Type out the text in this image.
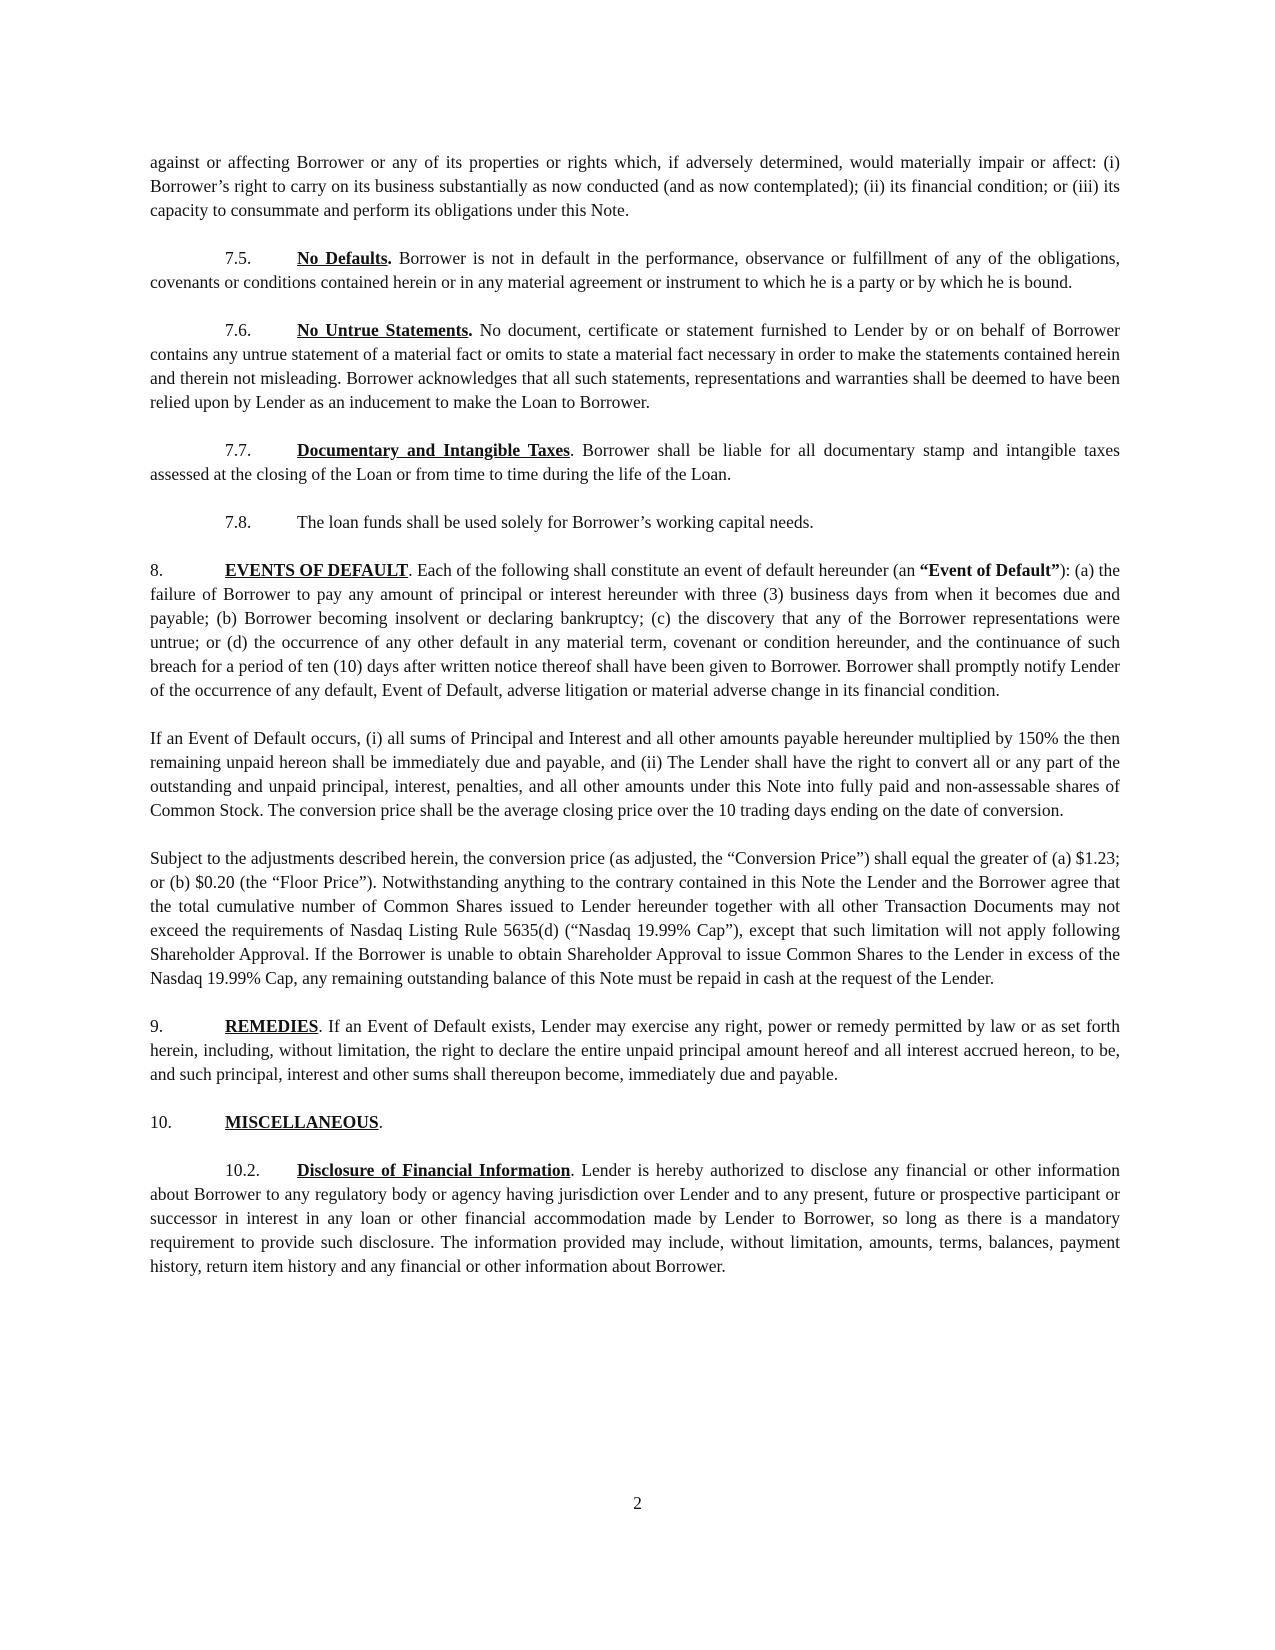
against or affecting Borrower or any of its properties or rights which, if adversely determined, would materially impair or affect: (i) Borrower’s right to carry on its business substantially as now conducted (and as now contemplated); (ii) its financial condition; or (iii) its capacity to consummate and perform its obligations under this Note.

7.5.	No Defaults. Borrower is not in default in the performance, observance or fulfillment of any of the obligations, covenants or conditions contained herein or in any material agreement or instrument to which he is a party or by which he is bound.

7.6.	No Untrue Statements. No document, certificate or statement furnished to Lender by or on behalf of Borrower contains any untrue statement of a material fact or omits to state a material fact necessary in order to make the statements contained herein and therein not misleading. Borrower acknowledges that all such statements, representations and warranties shall be deemed to have been relied upon by Lender as an inducement to make the Loan to Borrower.

7.7.	Documentary and Intangible Taxes. Borrower shall be liable for all documentary stamp and intangible taxes assessed at the closing of the Loan or from time to time during the life of the Loan.

7.8.	The loan funds shall be used solely for Borrower’s working capital needs.

8.	EVENTS OF DEFAULT. Each of the following shall constitute an event of default hereunder (an “Event of Default”): (a) the failure of Borrower to pay any amount of principal or interest hereunder with three (3) business days from when it becomes due and payable; (b) Borrower becoming insolvent or declaring bankruptcy; (c) the discovery that any of the Borrower representations were untrue; or (d) the occurrence of any other default in any material term, covenant or condition hereunder, and the continuance of such breach for a period of ten (10) days after written notice thereof shall have been given to Borrower. Borrower shall promptly notify Lender of the occurrence of any default, Event of Default, adverse litigation or material adverse change in its financial condition.

If an Event of Default occurs, (i) all sums of Principal and Interest and all other amounts payable hereunder multiplied by 150% the then remaining unpaid hereon shall be immediately due and payable, and (ii) The Lender shall have the right to convert all or any part of the outstanding and unpaid principal, interest, penalties, and all other amounts under this Note into fully paid and non-assessable shares of Common Stock. The conversion price shall be the average closing price over the 10 trading days ending on the date of conversion.

Subject to the adjustments described herein, the conversion price (as adjusted, the “Conversion Price”) shall equal the greater of (a) $1.23; or (b) $0.20 (the “Floor Price”). Notwithstanding anything to the contrary contained in this Note the Lender and the Borrower agree that the total cumulative number of Common Shares issued to Lender hereunder together with all other Transaction Documents may not exceed the requirements of Nasdaq Listing Rule 5635(d) (“Nasdaq 19.99% Cap”), except that such limitation will not apply following Shareholder Approval. If the Borrower is unable to obtain Shareholder Approval to issue Common Shares to the Lender in excess of the Nasdaq 19.99% Cap, any remaining outstanding balance of this Note must be repaid in cash at the request of the Lender.

9.	REMEDIES. If an Event of Default exists, Lender may exercise any right, power or remedy permitted by law or as set forth herein, including, without limitation, the right to declare the entire unpaid principal amount hereof and all interest accrued hereon, to be, and such principal, interest and other sums shall thereupon become, immediately due and payable.

10.	MISCELLANEOUS.

10.2. Disclosure of Financial Information. Lender is hereby authorized to disclose any financial or other information about Borrower to any regulatory body or agency having jurisdiction over Lender and to any present, future or prospective participant or successor in interest in any loan or other financial accommodation made by Lender to Borrower, so long as there is a mandatory requirement to provide such disclosure. The information provided may include, without limitation, amounts, terms, balances, payment history, return item history and any financial or other information about Borrower.

2
